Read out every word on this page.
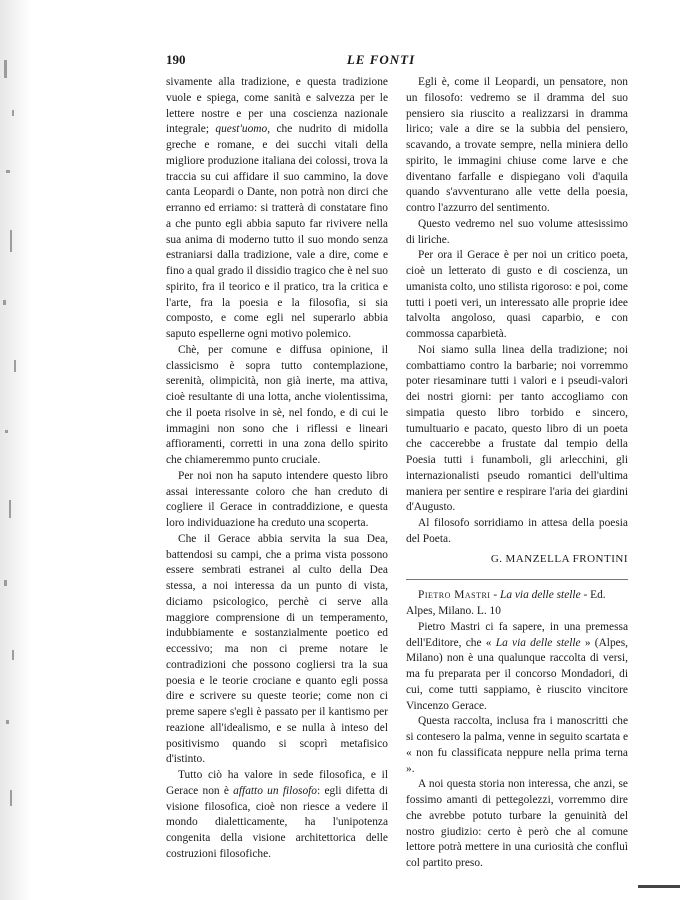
190	LE FONTI

sivamente alla tradizione, e questa tradizione vuole e spiega, come sanità e salvezza per le lettere nostre e per una coscienza nazionale integrale; quest'uomo, che nudrito di midolla greche e romane, e dei succhi vitali della migliore produzione italiana dei colossi, trova la traccia su cui affidare il suo cammino, la dove canta Leopardi o Dante, non potrà non dirci che erranno ed erriamo: si tratterà di constatare fino a che punto egli abbia saputo far rivivere nella sua anima di moderno tutto il suo mondo senza estraniarsi dalla tradizione, vale a dire, come e fino a qual grado il dissidio tragico che è nel suo spirito, fra il teorico e il pratico, tra la critica e l'arte, fra la poesia e la filosofia, si sia composto, e come egli nel superarlo abbia saputo espellerne ogni motivo polemico.

Chè, per comune e diffusa opinione, il classicismo è sopra tutto contemplazione, serenità, olimpicità, non già inerte, ma attiva, cioè resultante di una lotta, anche violentissima, che il poeta risolve in sè, nel fondo, e di cui le immagini non sono che i riflessi e lineari affioramenti, corretti in una zona dello spirito che chiameremmo punto cruciale.

Per noi non ha saputo intendere questo libro assai interessante coloro che han creduto di cogliere il Gerace in contraddizione, e questa loro individuazione ha creduto una scoperta.

Che il Gerace abbia servita la sua Dea, battendosi su campi, che a prima vista possono essere sembrati estranei al culto della Dea stessa, a noi interessa da un punto di vista, diciamo psicologico, perchè ci serve alla maggiore comprensione di un temperamento, indubbiamente e sostanzialmente poetico ed eccessivo; ma non ci preme notare le contradizioni che possono cogliersi tra la sua poesia e le teorie crociane e quanto egli possa dire e scrivere su queste teorie; come non ci preme sapere s'egli è passato per il kantismo per reazione all'idealismo, e se nulla à inteso del positivismo quando si scoprì metafisico d'istinto.

Tutto ciò ha valore in sede filosofica, e il Gerace non è affatto un filosofo: egli difetta di visione filosofica, cioè non riesce a vedere il mondo dialetticamente, ha l'unipotenza congenita della visione architettorica delle costruzioni filosofiche.

Egli è, come il Leopardi, un pensatore, non un filosofo: vedremo se il dramma del suo pensiero sia riuscito a realizzarsi in dramma lirico; vale a dire se la subbia del pensiero, scavando, a trovate sempre, nella miniera dello spirito, le immagini chiuse come larve e che diventano farfalle e dispiegano voli d'aquila quando s'avventurano alle vette della poesia, contro l'azzurro del sentimento.

Questo vedremo nel suo volume attesissimo di liriche.

Per ora il Gerace è per noi un critico poeta, cioè un letterato di gusto e di coscienza, un umanista colto, uno stilista rigoroso: e poi, come tutti i poeti veri, un interessato alle proprie idee talvolta angoloso, quasi caparbio, e con commossa caparbietà.

Noi siamo sulla linea della tradizione; noi combattiamo contro la barbarie; noi vorremmo poter riesaminare tutti i valori e i pseudi-valori dei nostri giorni: per tanto accogliamo con simpatia questo libro torbido e sincero, tumultuario e pacato, questo libro di un poeta che caccerebbe a frustate dal tempio della Poesia tutti i funamboli, gli arlecchini, gli internazionalisti pseudo romantici dell'ultima maniera per sentire e respirare l'aria dei giardini d'Augusto.

Al filosofo sorridiamo in attesa della poesia del Poeta.

G. MANZELLA FRONTINI

Pietro Mastri - La via delle stelle - Ed. Alpes, Milano. L. 10

Pietro Mastri ci fa sapere, in una premessa dell'Editore, che « La via delle stelle » (Alpes, Milano) non è una qualunque raccolta di versi, ma fu preparata per il concorso Mondadori, di cui, come tutti sappiamo, è riuscito vincitore Vincenzo Gerace.

Questa raccolta, inclusa fra i manoscritti che si contesero la palma, venne in seguito scartata e « non fu classificata neppure nella prima terna ».

A noi questa storia non interessa, che anzi, se fossimo amanti di pettegolezzi, vorremmo dire che avrebbe potuto turbare la genuinità del nostro giudizio: certo è però che al comune lettore potrà mettere in una curiosità che confluì col partito preso.
